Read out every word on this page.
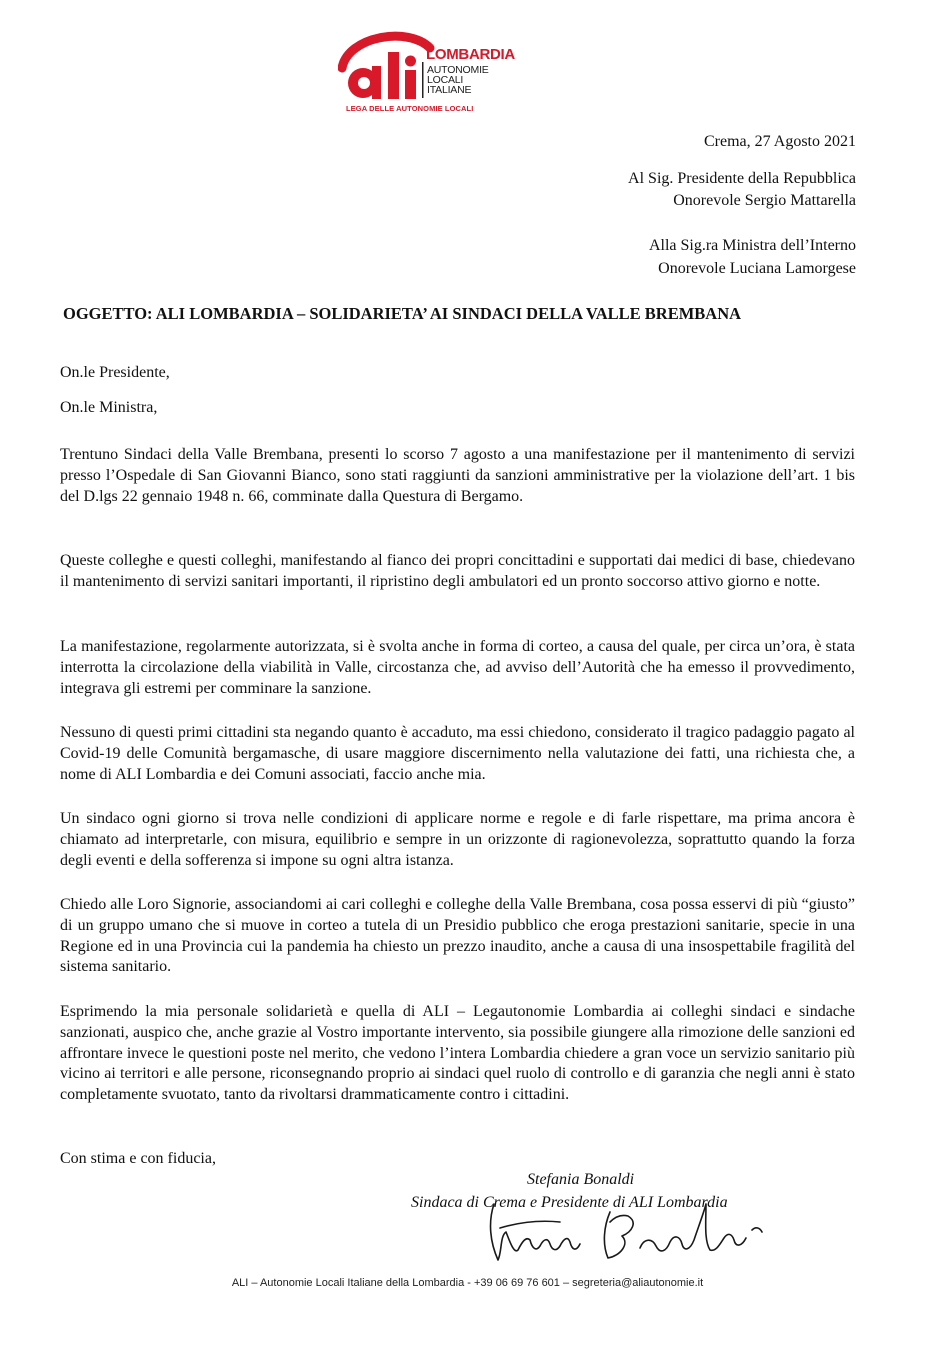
LOMBARDIA
AUTONOMIE
LOCALI
ITALIANE
LEGA DELLE AUTONOMIE LOCALI
Crema, 27 Agosto 2021
Al Sig. Presidente della Repubblica
Onorevole Sergio Mattarella
Alla Sig.ra Ministra dell’Interno
Onorevole Luciana Lamorgese
OGGETTO: ALI LOMBARDIA – SOLIDARIETA’ AI SINDACI DELLA VALLE BREMBANA
On.le Presidente,
On.le Ministra,

Trentuno Sindaci della Valle Brembana, presenti lo scorso 7 agosto a una manifestazione per il mantenimento di servizi presso l’Ospedale di San Giovanni Bianco, sono stati raggiunti da sanzioni amministrative per la violazione dell’art. 1 bis del D.lgs 22 gennaio 1948 n. 66, comminate dalla Questura di Bergamo.

Queste colleghe e questi colleghi, manifestando al fianco dei propri concittadini e supportati dai medici di base, chiedevano il mantenimento di servizi sanitari importanti, il ripristino degli ambulatori ed un pronto soccorso attivo giorno e notte.

La manifestazione, regolarmente autorizzata, si è svolta anche in forma di corteo, a causa del quale, per circa un’ora, è stata interrotta la circolazione della viabilità in Valle, circostanza che, ad avviso dell’Autorità che ha emesso il provvedimento, integrava gli estremi per comminare la sanzione.

Nessuno di questi primi cittadini sta negando quanto è accaduto, ma essi chiedono, considerato il tragico padaggio pagato al Covid-19 delle Comunità bergamasche, di usare maggiore discernimento nella valutazione dei fatti, una richiesta che, a nome di ALI Lombardia e dei Comuni associati, faccio anche mia.

Un sindaco ogni giorno si trova nelle condizioni di applicare norme e regole e di farle rispettare, ma prima ancora è chiamato ad interpretarle, con misura, equilibrio e sempre in un orizzonte di ragionevolezza, soprattutto quando la forza degli eventi e della sofferenza si impone su ogni altra istanza.

Chiedo alle Loro Signorie, associandomi ai cari colleghi e colleghe della Valle Brembana, cosa possa esservi di più “giusto” di un gruppo umano che si muove in corteo a tutela di un Presidio pubblico che eroga prestazioni sanitarie, specie in una Regione ed in una Provincia cui la pandemia ha chiesto un prezzo inaudito, anche a causa di una insospettabile fragilità del sistema sanitario.

Esprimendo la mia personale solidarietà e quella di ALI – Legautonomie Lombardia ai colleghi sindaci e sindache sanzionati, auspico che, anche grazie al Vostro importante intervento, sia possibile giungere alla rimozione delle sanzioni ed affrontare invece le questioni poste nel merito, che vedono l’intera Lombardia chiedere a gran voce un servizio sanitario più vicino ai territori e alle persone, riconsegnando proprio ai sindaci quel ruolo di controllo e di garanzia che negli anni è stato completamente svuotato, tanto da rivoltarsi drammaticamente contro i cittadini.

Con stima e con fiducia,
Stefania Bonaldi
Sindaca di Crema e Presidente di ALI Lombardia
ALI – Autonomie Locali Italiane della Lombardia - +39 06 69 76 601 – segreteria@aliautonomie.it
